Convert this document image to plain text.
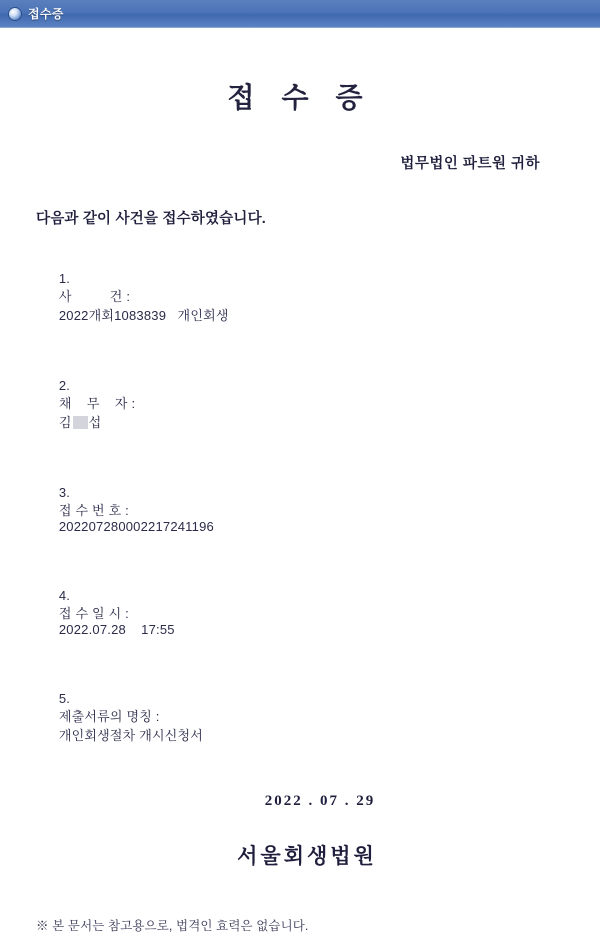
접수증
접 수 증
법무법인 파트원 귀하
다음과 같이 사건을 접수하였습니다.

1.
사          건 :
2022개회1083839   개인회생

2.
채    무    자 :
김 섭

3.
접 수 번 호 :
202207280002217241196

4.
접 수 일 시 :
2022.07.28    17:55

5.
제출서류의 명칭 :
개인회생절차 개시신청서

2022 . 07 . 29
서울회생법원
※ 본 문서는 참고용으로, 법격인 효력은 없습니다.
